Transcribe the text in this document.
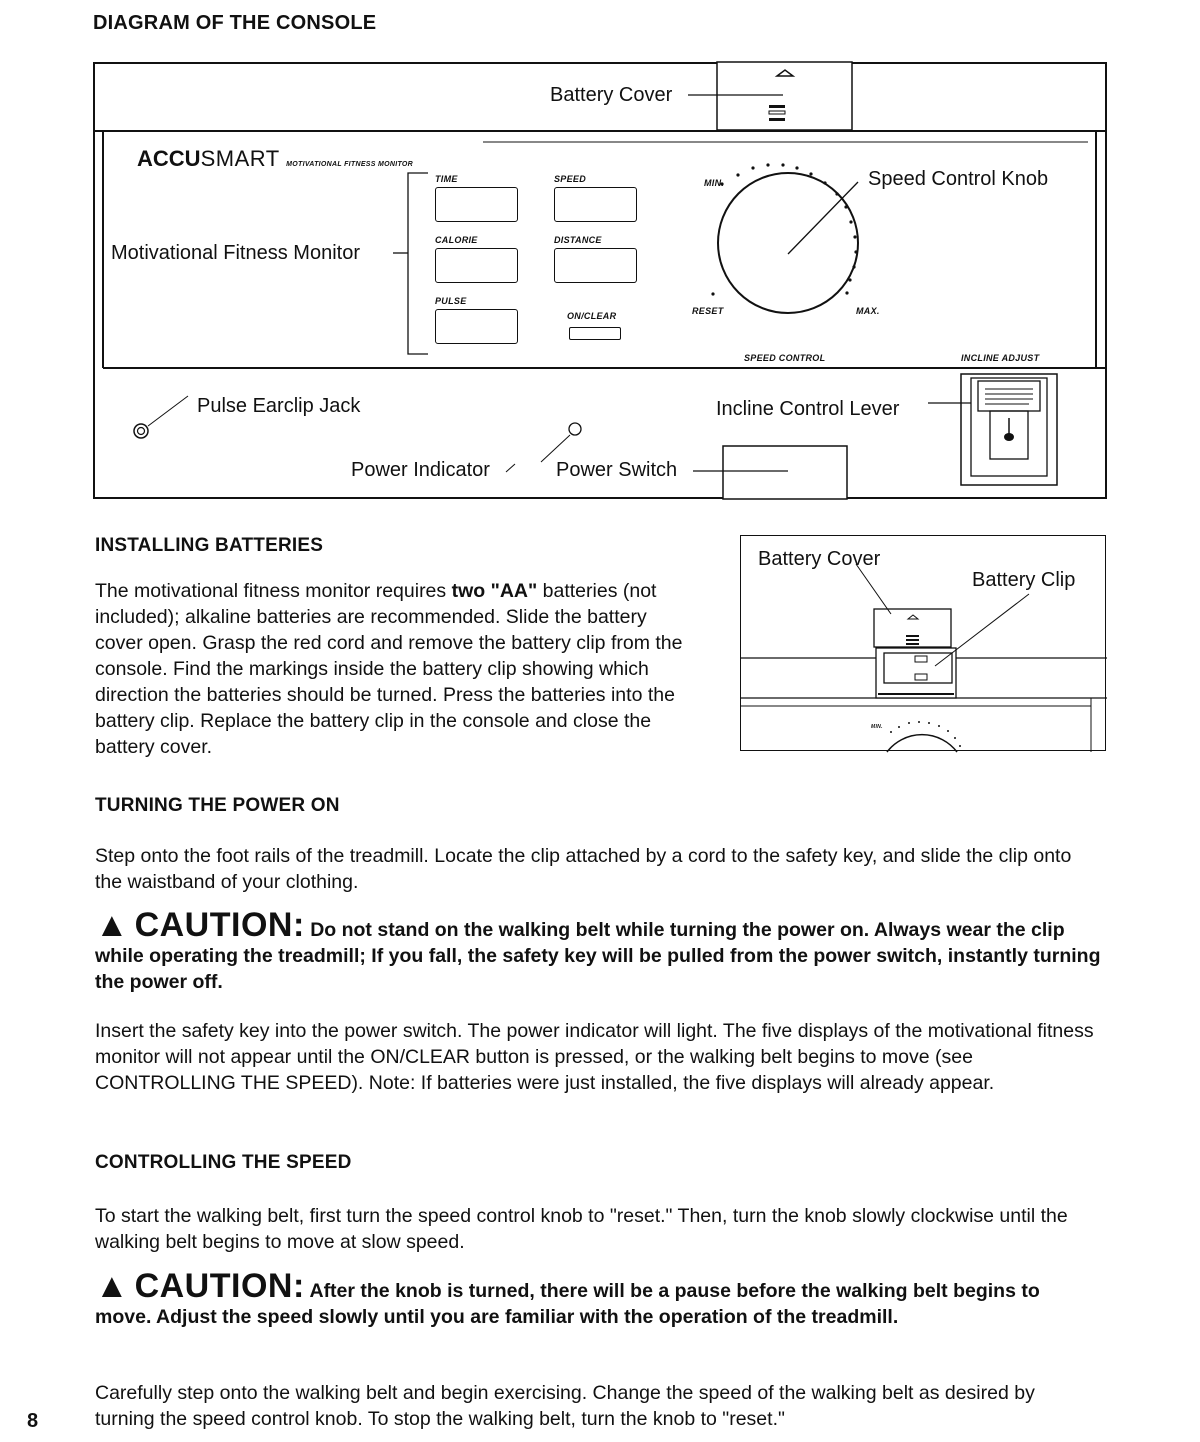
DIAGRAM OF THE CONSOLE
Battery Cover
Speed Control Knob
Motivational Fitness Monitor
Pulse Earclip Jack
Power Indicator	Power Switch
Incline Control Lever
ACCUSMART MOTIVATIONAL FITNESS MONITOR
TIME	SPEED
CALORIE	DISTANCE
PULSE
ON/CLEAR
MIN.
RESET	MAX.
SPEED CONTROL	INCLINE ADJUST
INSTALLING BATTERIES

The motivational fitness monitor requires two "AA" batteries (not included); alkaline batteries are recommended. Slide the battery cover open. Grasp the red cord and remove the battery clip from the console. Find the markings inside the battery clip showing which direction the batteries should be turned. Press the batteries into the battery clip. Replace the battery clip in the console and close the battery cover.

Battery Cover
Battery Clip
MIN.
TURNING THE POWER ON

Step onto the foot rails of the treadmill. Locate the clip attached by a cord to the safety key, and slide the clip onto the waistband of your clothing.

▲ CAUTION: Do not stand on the walking belt while turning the power on. Always wear the clip while operating the treadmill; If you fall, the safety key will be pulled from the power switch, instantly turning the power off.

Insert the safety key into the power switch. The power indicator will light. The five displays of the motivational fitness monitor will not appear until the ON/CLEAR button is pressed, or the walking belt begins to move (see CONTROLLING THE SPEED). Note: If batteries were just installed, the five displays will already appear.

CONTROLLING THE SPEED

To start the walking belt, first turn the speed control knob to "reset." Then, turn the knob slowly clockwise until the walking belt begins to move at slow speed.

▲ CAUTION: After the knob is turned, there will be a pause before the walking belt begins to move. Adjust the speed slowly until you are familiar with the operation of the treadmill.

Carefully step onto the walking belt and begin exercising. Change the speed of the walking belt as desired by turning the speed control knob. To stop the walking belt, turn the knob to "reset."

8
